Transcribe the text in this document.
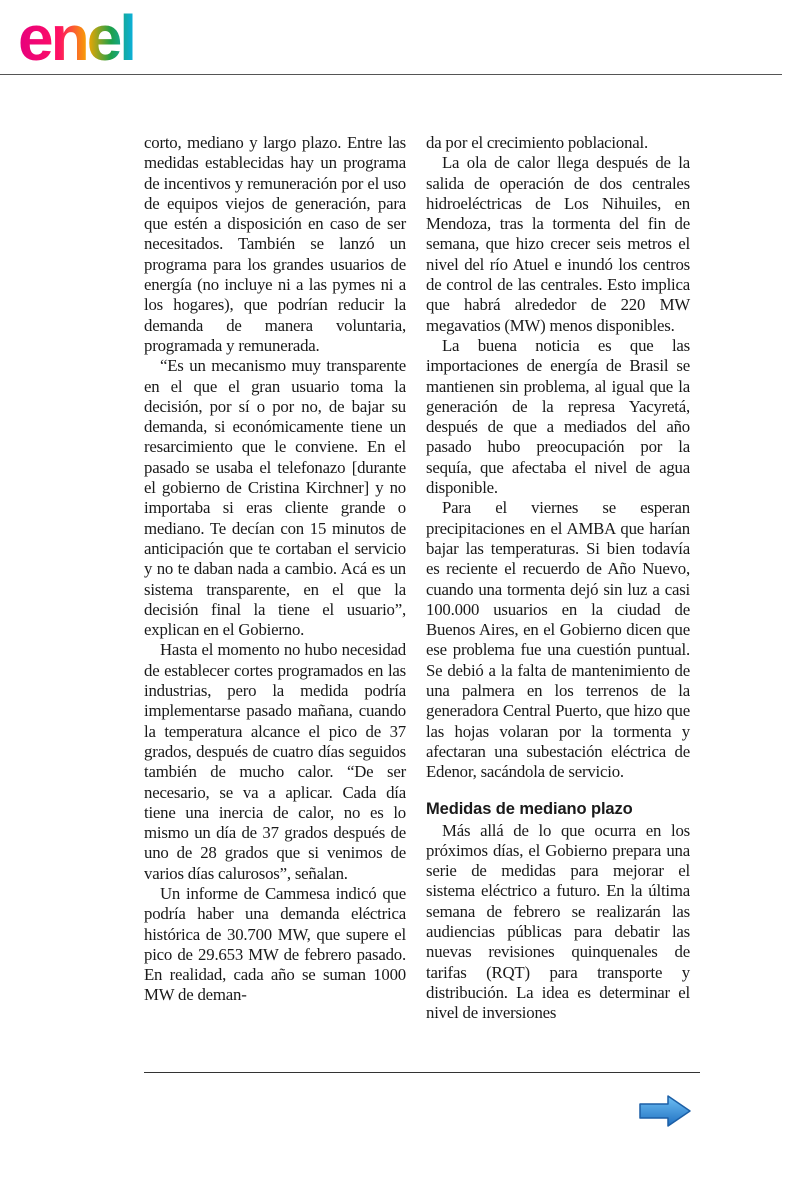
enel

corto, mediano y largo plazo. Entre las medidas establecidas hay un programa de incentivos y remuneración por el uso de equipos viejos de generación, para que estén a disposición en caso de ser necesitados. También se lanzó un programa para los grandes usuarios de energía (no incluye ni a las pymes ni a los hogares), que podrían reducir la demanda de manera voluntaria, programada y remunerada.

“Es un mecanismo muy transparente en el que el gran usuario toma la decisión, por sí o por no, de bajar su demanda, si económicamente tiene un resarcimiento que le conviene. En el pasado se usaba el telefonazo [durante el gobierno de Cristina Kirchner] y no importaba si eras cliente grande o mediano. Te decían con 15 minutos de anticipación que te cortaban el servicio y no te daban nada a cambio. Acá es un sistema transparente, en el que la decisión final la tiene el usuario”, explican en el Gobierno.

Hasta el momento no hubo necesidad de establecer cortes programados en las industrias, pero la medida podría implementarse pasado mañana, cuando la temperatura alcance el pico de 37 grados, después de cuatro días seguidos también de mucho calor. “De ser necesario, se va a aplicar. Cada día tiene una inercia de calor, no es lo mismo un día de 37 grados después de uno de 28 grados que si venimos de varios días calurosos”, señalan.

Un informe de Cammesa indicó que podría haber una demanda eléctrica histórica de 30.700 MW, que supere el pico de 29.653 MW de febrero pasado. En realidad, cada año se suman 1000 MW de deman-

da por el crecimiento poblacional.

La ola de calor llega después de la salida de operación de dos centrales hidroeléctricas de Los Nihuiles, en Mendoza, tras la tormenta del fin de semana, que hizo crecer seis metros el nivel del río Atuel e inundó los centros de control de las centrales. Esto implica que habrá alrededor de 220 MW megavatios (MW) menos disponibles.

La buena noticia es que las importaciones de energía de Brasil se mantienen sin problema, al igual que la generación de la represa Yacyretá, después de que a mediados del año pasado hubo preocupación por la sequía, que afectaba el nivel de agua disponible.

Para el viernes se esperan precipitaciones en el AMBA que harían bajar las temperaturas. Si bien todavía es reciente el recuerdo de Año Nuevo, cuando una tormenta dejó sin luz a casi 100.000 usuarios en la ciudad de Buenos Aires, en el Gobierno dicen que ese problema fue una cuestión puntual. Se debió a la falta de mantenimiento de una palmera en los terrenos de la generadora Central Puerto, que hizo que las hojas volaran por la tormenta y afectaran una subestación eléctrica de Edenor, sacándola de servicio.

Medidas de mediano plazo

Más allá de lo que ocurra en los próximos días, el Gobierno prepara una serie de medidas para mejorar el sistema eléctrico a futuro. En la última semana de febrero se realizarán las audiencias públicas para debatir las nuevas revisiones quinquenales de tarifas (RQT) para transporte y distribución. La idea es determinar el nivel de inversiones
